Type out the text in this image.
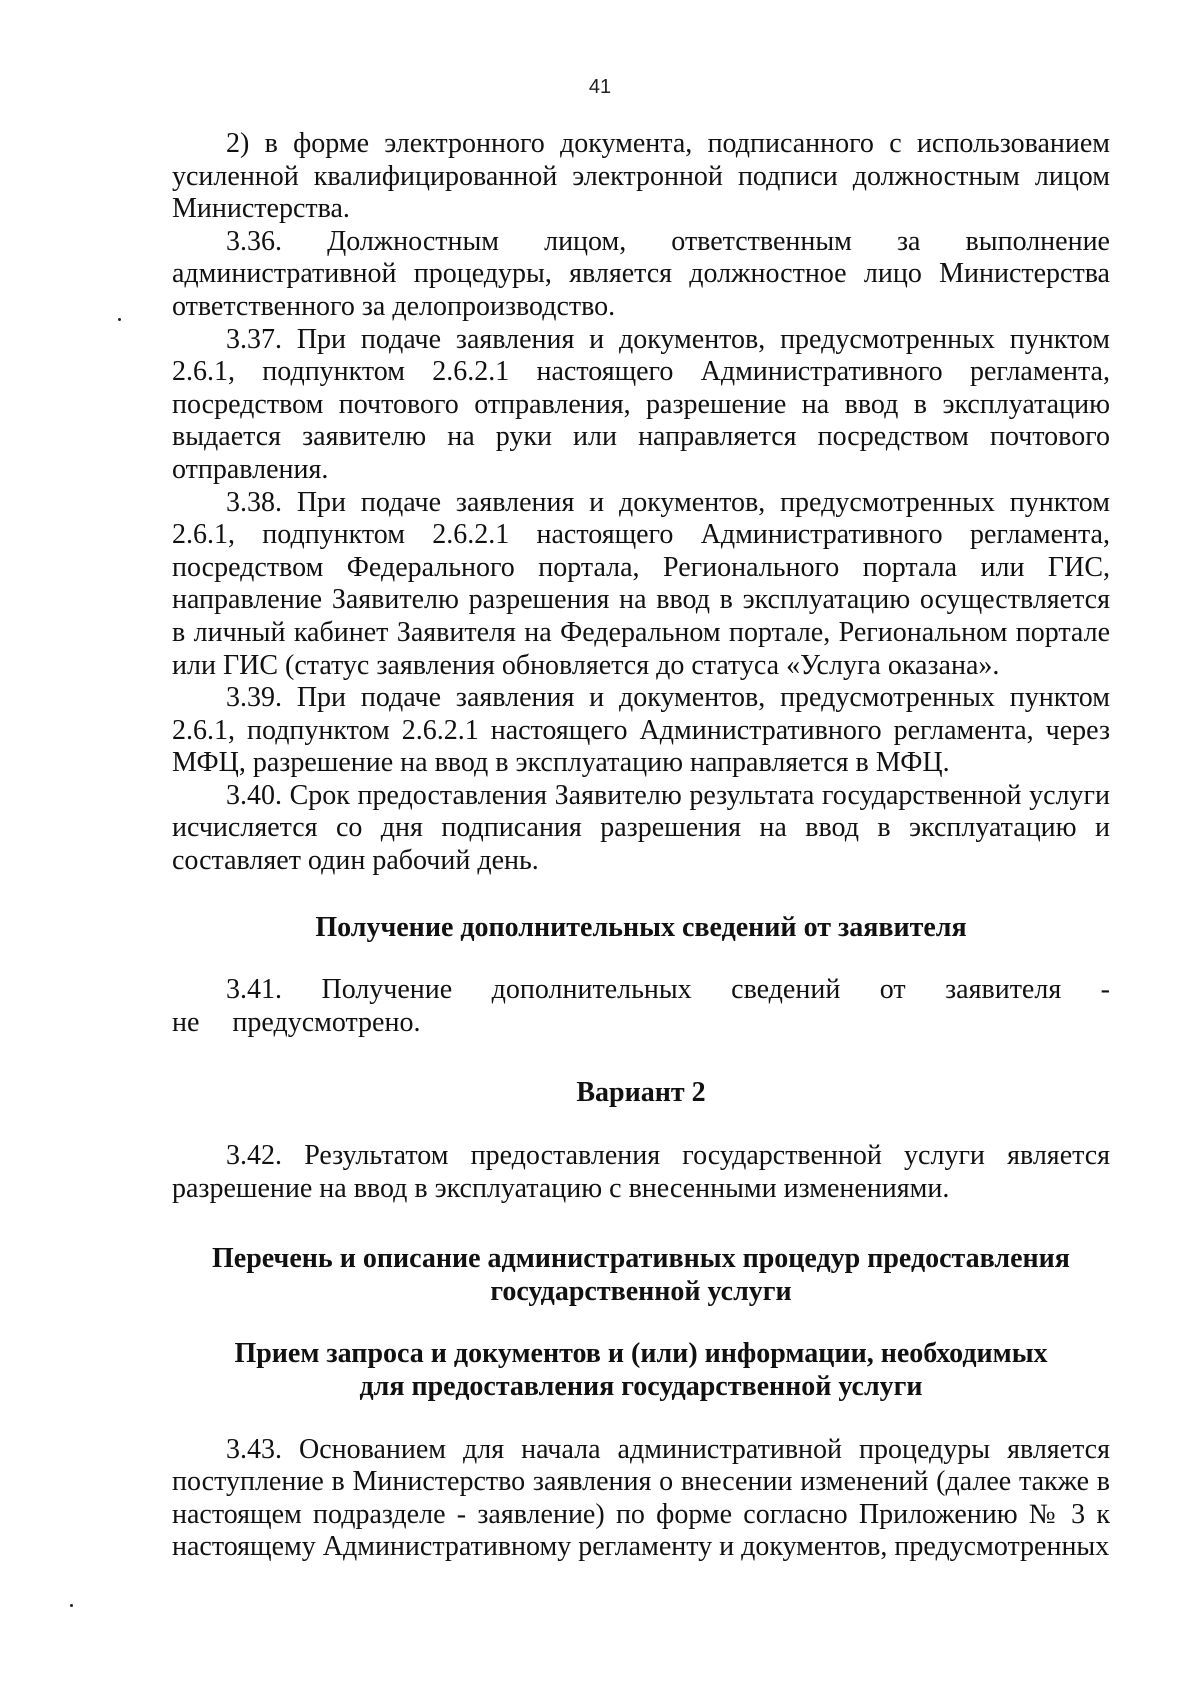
41

2) в форме электронного документа, подписанного с использованием усиленной квалифицированной электронной подписи должностным лицом Министерства.

3.36. Должностным лицом, ответственным за выполнение административной процедуры, является должностное лицо Министерства ответственного за делопроизводство.

3.37. При подаче заявления и документов, предусмотренных пунктом 2.6.1, подпунктом 2.6.2.1 настоящего Административного регламента, посредством почтового отправления, разрешение на ввод в эксплуатацию выдается заявителю на руки или направляется посредством почтового отправления.

3.38. При подаче заявления и документов, предусмотренных пунктом 2.6.1, подпунктом 2.6.2.1 настоящего Административного регламента, посредством Федерального портала, Регионального портала или ГИС, направление Заявителю разрешения на ввод в эксплуатацию осуществляется в личный кабинет Заявителя на Федеральном портале, Региональном портале или ГИС (статус заявления обновляется до статуса «Услуга оказана».

3.39. При подаче заявления и документов, предусмотренных пунктом 2.6.1, подпунктом 2.6.2.1 настоящего Административного регламента, через МФЦ, разрешение на ввод в эксплуатацию направляется в МФЦ.

3.40. Срок предоставления Заявителю результата государственной услуги исчисляется со дня подписания разрешения на ввод в эксплуатацию и составляет один рабочий день.

Получение дополнительных сведений от заявителя

3.41. Получение дополнительных сведений от заявителя - не предусмотрено.

Вариант 2

3.42. Результатом предоставления государственной услуги является разрешение на ввод в эксплуатацию с внесенными изменениями.

Перечень и описание административных процедур предоставления

государственной услуги

Прием запроса и документов и (или) информации, необходимых

для предоставления государственной услуги

3.43. Основанием для начала административной процедуры является поступление в Министерство заявления о внесении изменений (далее также в настоящем подразделе - заявление) по форме согласно Приложению № 3 к настоящему Административному регламенту и документов, предусмотренных
